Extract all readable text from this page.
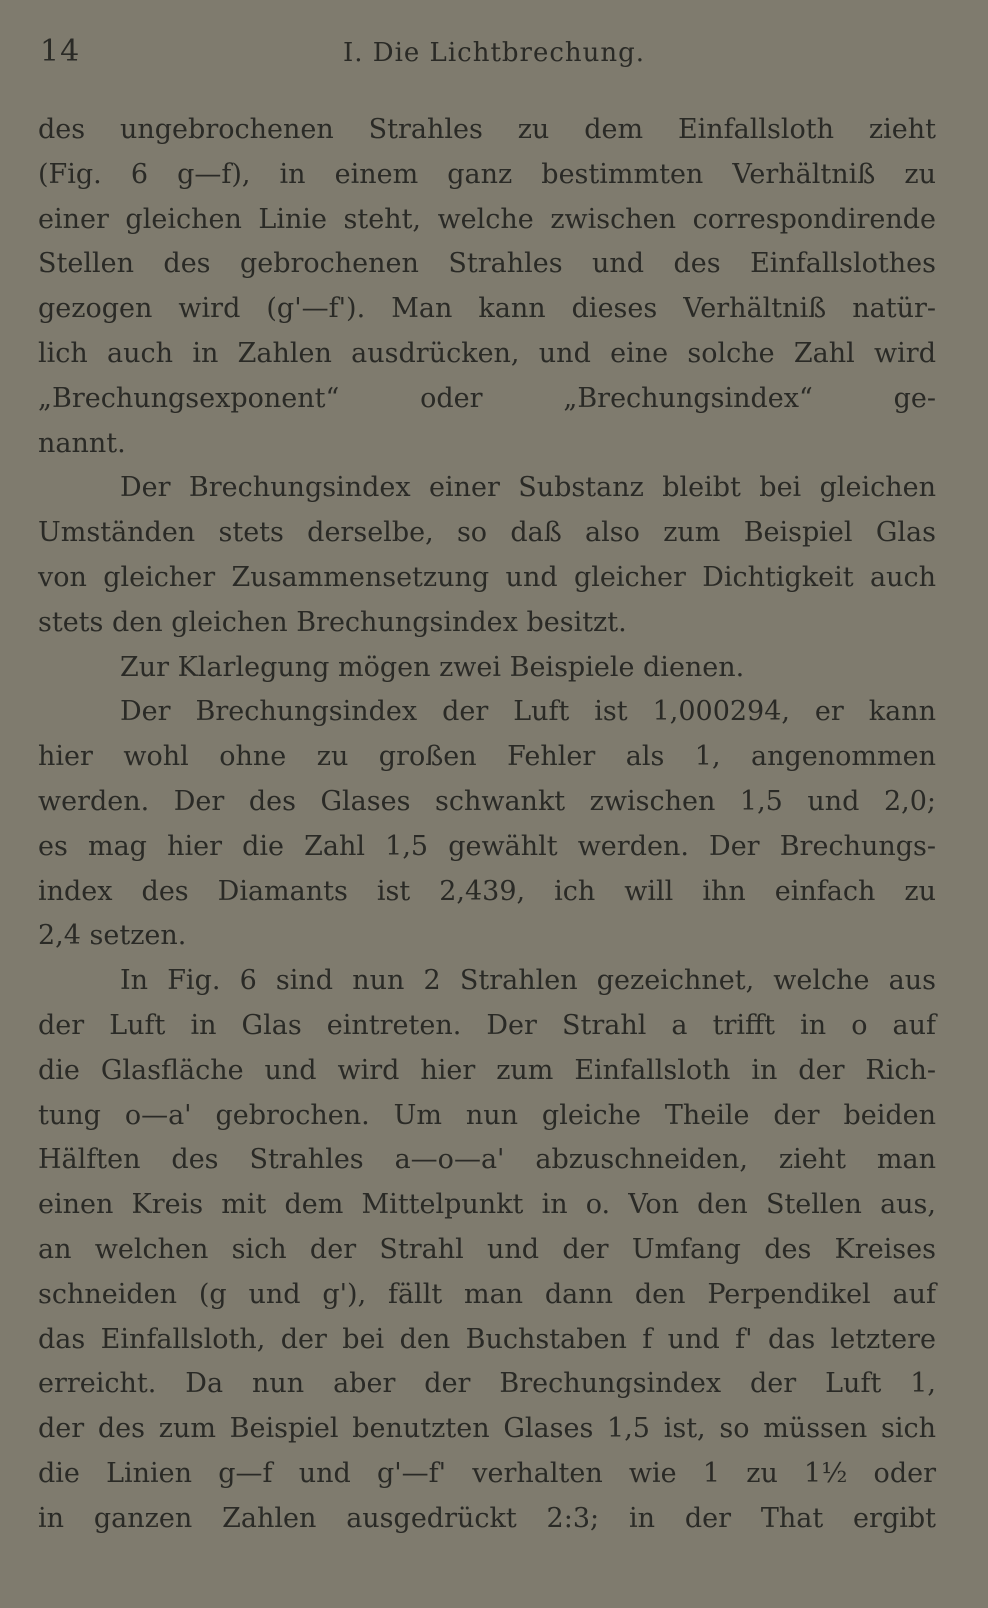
14	I. Die Lichtbrechung.
des ungebrochenen Strahles zu dem Einfallsloth zieht
(Fig. 6 g—f), in einem ganz bestimmten Verhältniß zu
einer gleichen Linie steht, welche zwischen correspondirende
Stellen des gebrochenen Strahles und des Einfallslothes
gezogen wird (g'—f'). Man kann dieses Verhältniß natür-
lich auch in Zahlen ausdrücken, und eine solche Zahl wird
„Brechungsexponent“ oder „Brechungsindex“ ge-
nannt.
Der Brechungsindex einer Substanz bleibt bei gleichen
Umständen stets derselbe, so daß also zum Beispiel Glas
von gleicher Zusammensetzung und gleicher Dichtigkeit auch
stets den gleichen Brechungsindex besitzt.
Zur Klarlegung mögen zwei Beispiele dienen.
Der Brechungsindex der Luft ist 1,000294, er kann
hier wohl ohne zu großen Fehler als 1, angenommen
werden. Der des Glases schwankt zwischen 1,5 und 2,0;
es mag hier die Zahl 1,5 gewählt werden. Der Brechungs-
index des Diamants ist 2,439, ich will ihn einfach zu
2,4 setzen.
In Fig. 6 sind nun 2 Strahlen gezeichnet, welche aus
der Luft in Glas eintreten. Der Strahl a trifft in o auf
die Glasfläche und wird hier zum Einfallsloth in der Rich-
tung o—a' gebrochen. Um nun gleiche Theile der beiden
Hälften des Strahles a—o—a' abzuschneiden, zieht man
einen Kreis mit dem Mittelpunkt in o. Von den Stellen aus,
an welchen sich der Strahl und der Umfang des Kreises
schneiden (g und g'), fällt man dann den Perpendikel auf
das Einfallsloth, der bei den Buchstaben f und f' das letztere
erreicht. Da nun aber der Brechungsindex der Luft 1,
der des zum Beispiel benutzten Glases 1,5 ist, so müssen sich
die Linien g—f und g'—f' verhalten wie 1 zu 1½ oder
in ganzen Zahlen ausgedrückt 2:3; in der That ergibt
